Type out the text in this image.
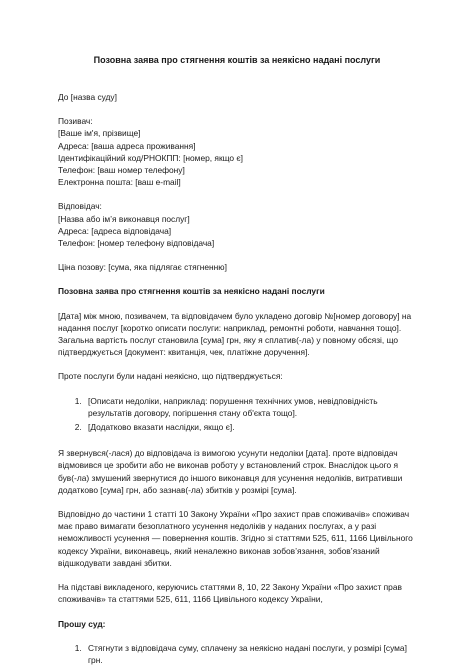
Позовна заява про стягнення коштів за неякісно надані послуги

До [назва суду]

Позивач:
[Ваше ім'я, прізвище]
Адреса: [ваша адреса проживання]
Ідентифікаційний код/РНОКПП: [номер, якщо є]
Телефон: [ваш номер телефону]
Електронна пошта: [ваш e-mail]
Відповідач:
[Назва або ім’я виконавця послуг]
Адреса: [адреса відповідача]
Телефон: [номер телефону відповідача]

Ціна позову: [сума, яка підлягає стягненню]

Позовна заява про стягнення коштів за неякісно надані послуги

[Дата] між мною, позивачем, та відповідачем було укладено договір №[номер договору] на надання послуг [коротко описати послуги: наприклад, ремонтні роботи, навчання тощо]. Загальна вартість послуг становила [сума] грн, яку я сплатив(-ла) у повному обсязі, що підтверджується [документ: квитанція, чек, платіжне доручення].

Проте послуги були надані неякісно, що підтверджується:

1. [Описати недоліки, наприклад: порушення технічних умов, невідповідність результатів договору, погіршення стану об'єкта тощо].
2. [Додатково вказати наслідки, якщо є].

Я звернувся(-лася) до відповідача із вимогою усунути недоліки [дата]. проте відповідач відмовився це зробити або не виконав роботу у встановлений строк. Внаслідок цього я був(-ла) змушений звернутися до іншого виконавця для усунення недоліків, витративши додатково [сума] грн, або зазнав(-ла) збитків у розмірі [сума].

Відповідно до частини 1 статті 10 Закону України «Про захист прав споживачів» споживач має право вимагати безоплатного усунення недоліків у наданих послугах, а у разі неможливості усунення — повернення коштів. Згідно зі статтями 525, 611, 1166 Цивільного кодексу України, виконавець, який неналежно виконав зобов’язання, зобов’язаний відшкодувати завдані збитки.

На підставі викладеного, керуючись статтями 8, 10, 22 Закону України «Про захист прав споживачів» та статтями 525, 611, 1166 Цивільного кодексу України,

Прошу суд:

1. Стягнути з відповідача суму, сплачену за неякісно надані послуги, у розмірі [сума] грн.
